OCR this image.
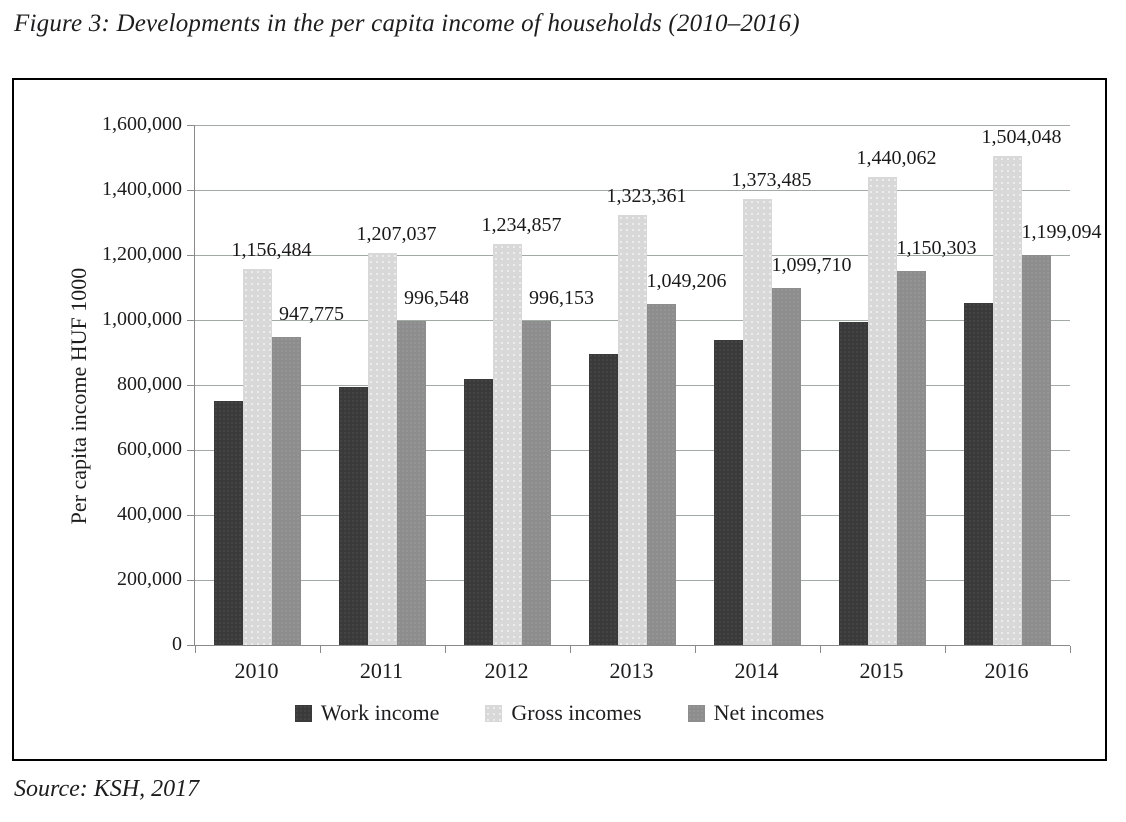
Figure 3: Developments in the per capita income of households (2010–2016)
Per capita income HUF 1000
0
200,000
400,000
600,000
800,000
1,000,000
1,200,000
1,400,000
1,600,000
1,156,484
947,775
1,207,037
996,548
1,234,857
996,153
1,323,361
1,049,206
1,373,485
1,099,710
1,440,062
1,150,303
1,504,048
1,199,094
2010	2011	2012	2013	2014	2015	2016
Work income	Gross incomes	Net incomes
Source: KSH, 2017
